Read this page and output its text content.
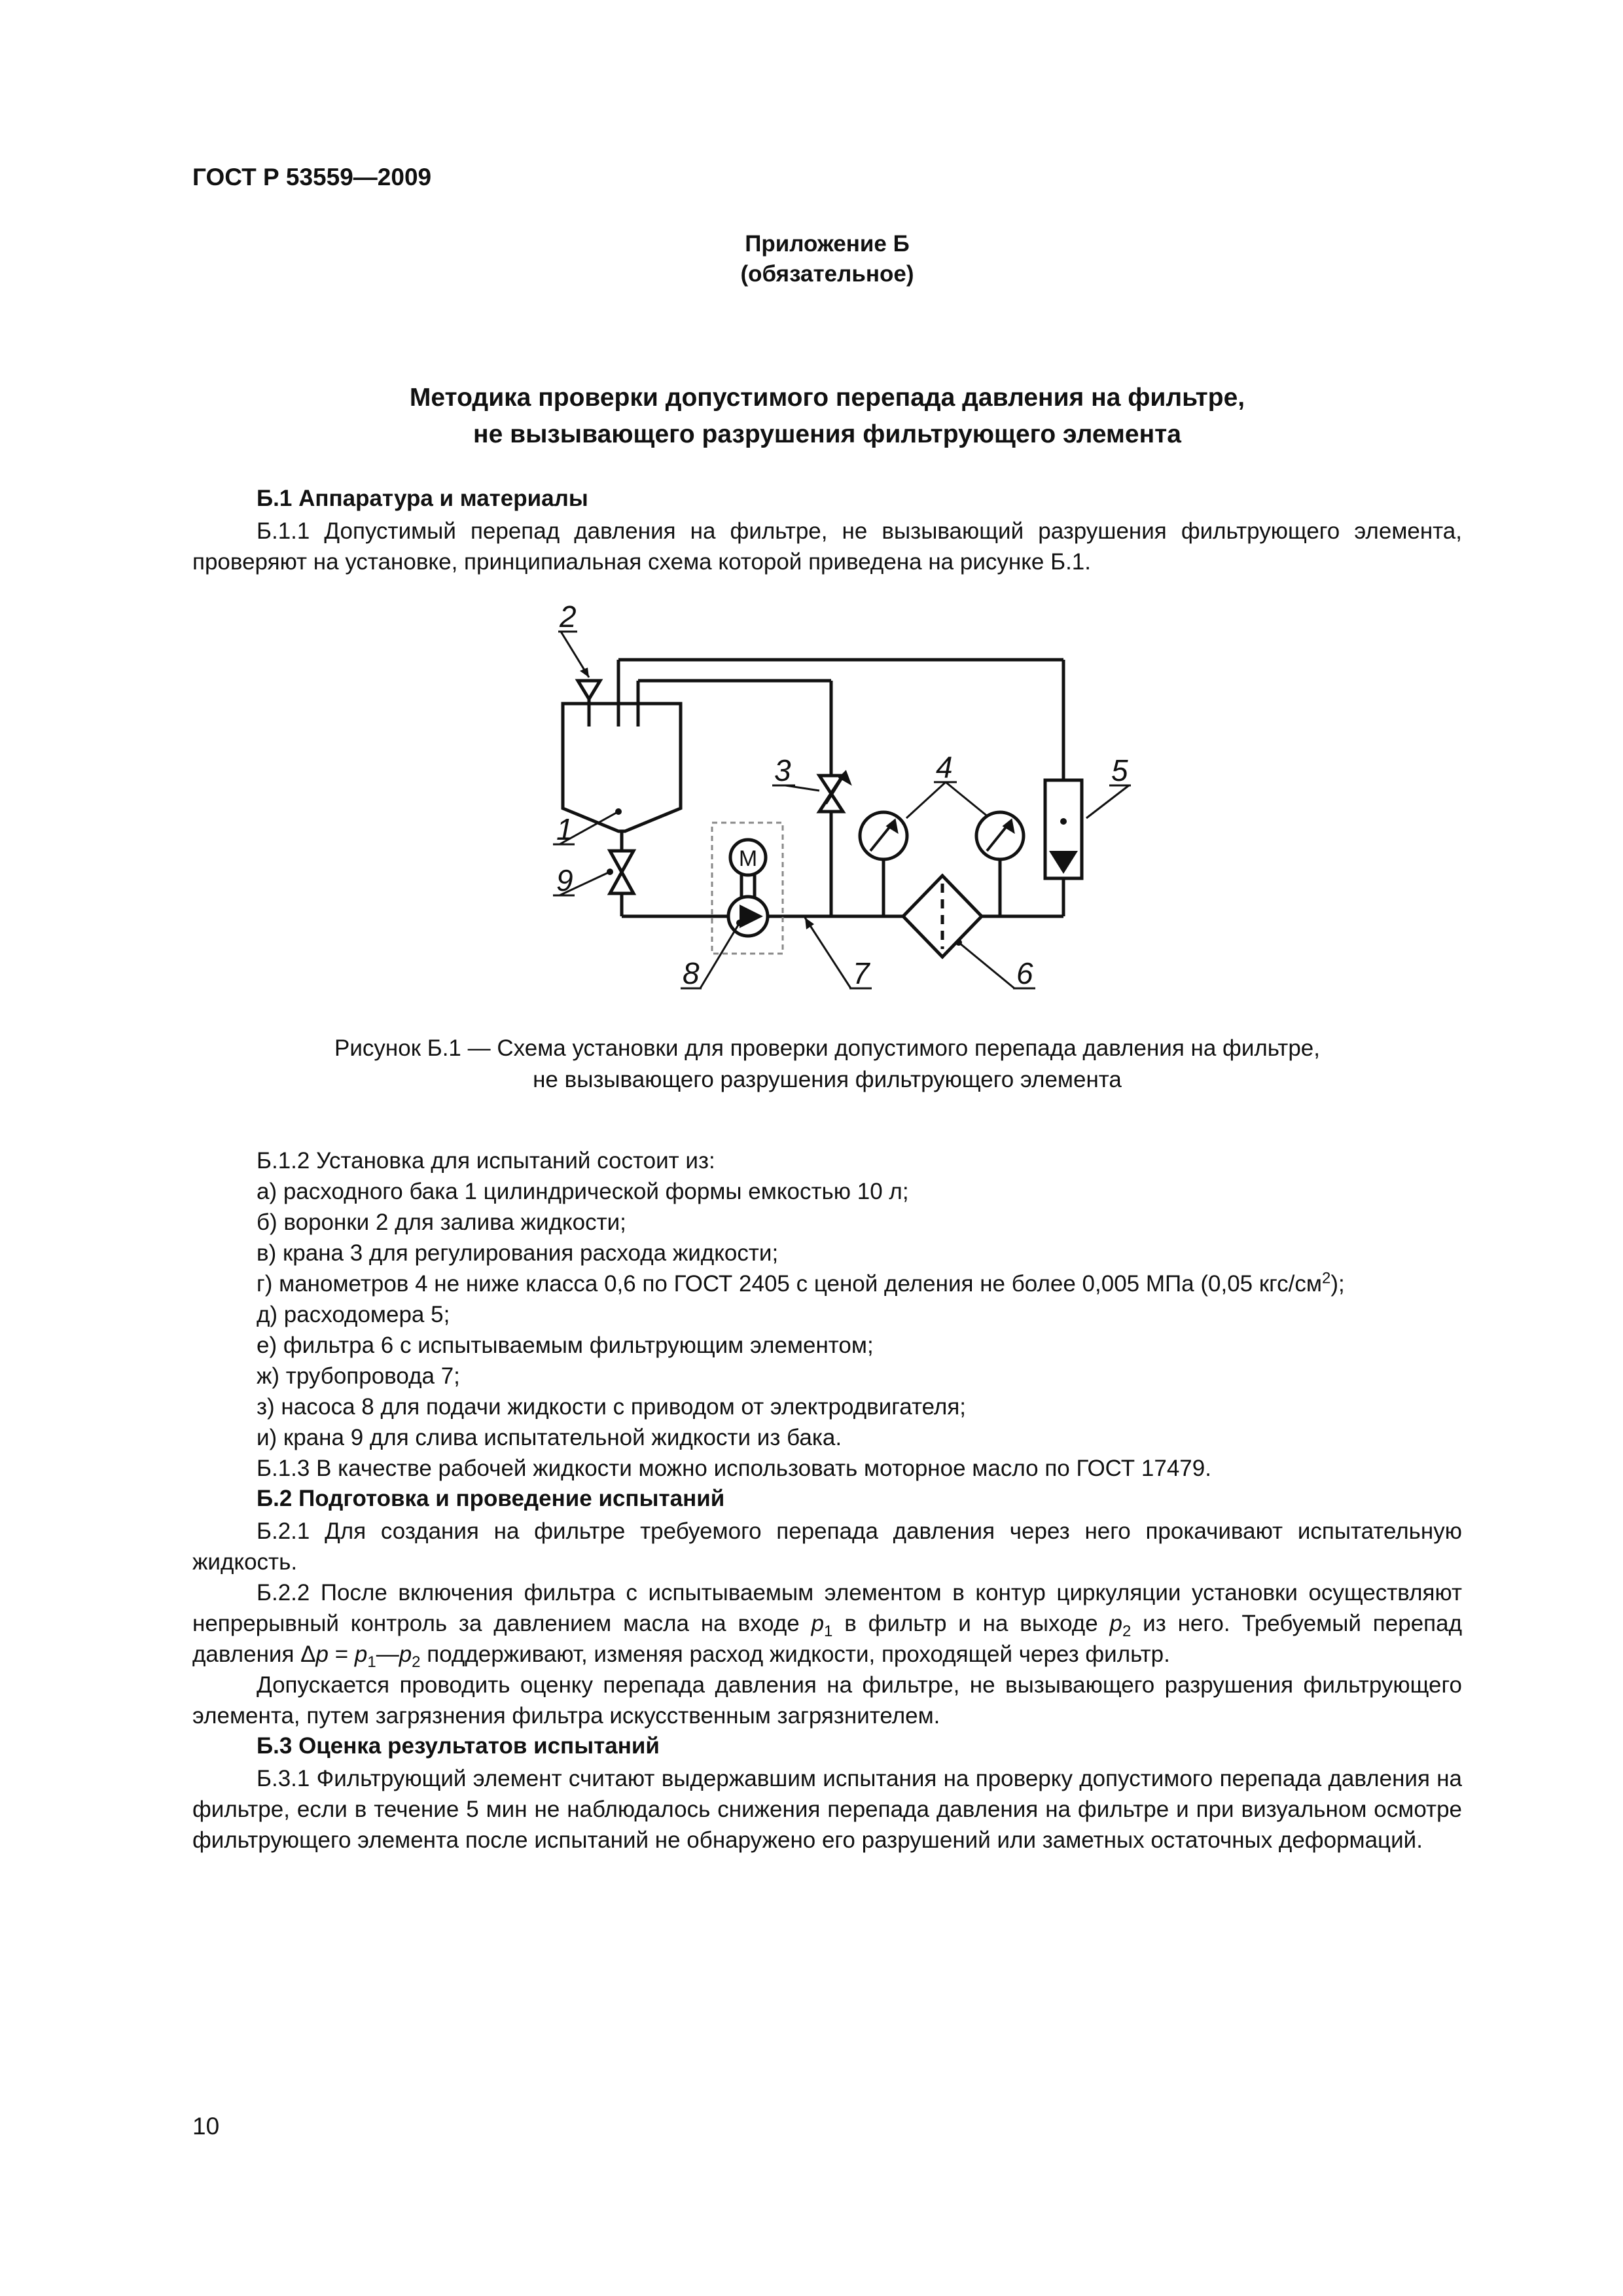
ГОСТ Р 53559—2009
Приложение Б
(обязательное)
Методика проверки допустимого перепада давления на фильтре,
не вызывающего разрушения фильтрующего элемента
Б.1 Аппаратура и материалы
Б.1.1 Допустимый перепад давления на фильтре, не вызывающий разрушения фильтрующего элемента, проверяют на установке, принципиальная схема которой приведена на рисунке Б.1.
2
1
9
3	4	5
8	7	6
М
Рисунок Б.1 — Схема установки для проверки допустимого перепада давления на фильтре,
не вызывающего разрушения фильтрующего элемента
Б.1.2 Установка для испытаний состоит из:
а) расходного бака 1 цилиндрической формы емкостью 10 л;
б) воронки 2 для залива жидкости;
в) крана 3 для регулирования расхода жидкости;
г) манометров 4 не ниже класса 0,6 по ГОСТ 2405 с ценой деления не более 0,005 МПа (0,05 кгс/$см^2$);
д) расходомера 5;
е) фильтра 6 с испытываемым фильтрующим элементом;
ж) трубопровода 7;
з) насоса 8 для подачи жидкости с приводом от электродвигателя;
и) крана 9 для слива испытательной жидкости из бака.
Б.1.3 В качестве рабочей жидкости можно использовать моторное масло по ГОСТ 17479.
Б.2 Подготовка и проведение испытаний
Б.2.1 Для создания на фильтре требуемого перепада давления через него прокачивают испытательную жидкость.
Б.2.2 После включения фильтра с испытываемым элементом в контур циркуляции установки осуществляют непрерывный контроль за давлением масла на входе $p_1$ в фильтр и на выходе $p_2$ из него. Требуемый перепад давления $\Delta p = p_1—p_2$ поддерживают, изменяя расход жидкости, проходящей через фильтр.
Допускается проводить оценку перепада давления на фильтре, не вызывающего разрушения фильтрующего элемента, путем загрязнения фильтра искусственным загрязнителем.
Б.3 Оценка результатов испытаний
Б.3.1 Фильтрующий элемент считают выдержавшим испытания на проверку допустимого перепада давления на фильтре, если в течение 5 мин не наблюдалось снижения перепада давления на фильтре и при визуальном осмотре фильтрующего элемента после испытаний не обнаружено его разрушений или заметных остаточных деформаций.
10
